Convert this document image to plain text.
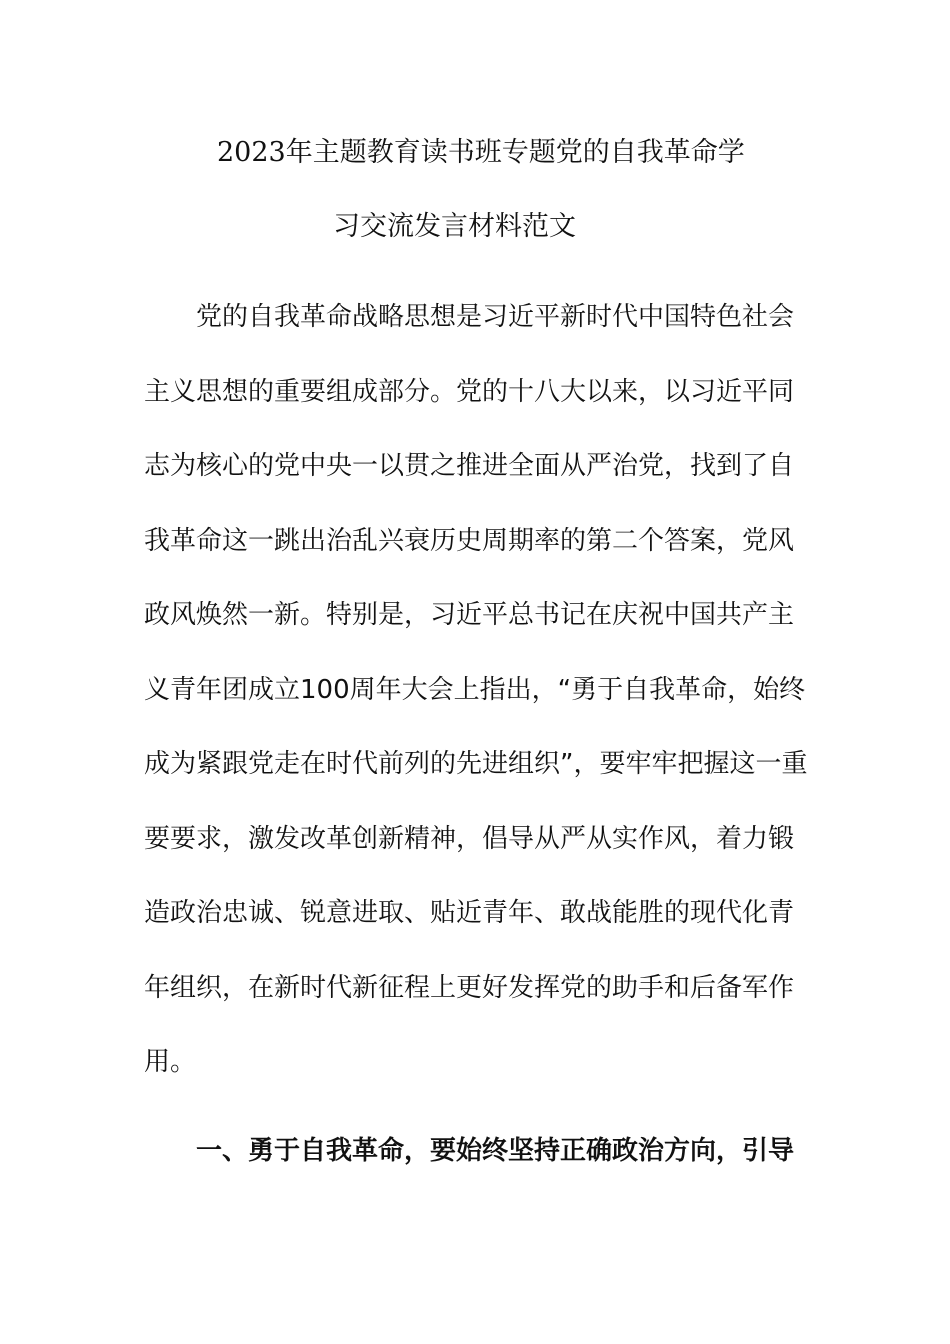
2023年主题教育读书班专题党的自我革命学
习交流发言材料范文
党的自我革命战略思想是习近平新时代中国特色社会
主义思想的重要组成部分。党的十八大以来，以习近平同
志为核心的党中央一以贯之推进全面从严治党，找到了自
我革命这一跳出治乱兴衰历史周期率的第二个答案，党风
政风焕然一新。特别是，习近平总书记在庆祝中国共产主
义青年团成立100周年大会上指出，“勇于自我革命，始终
成为紧跟党走在时代前列的先进组织”，要牢牢把握这一重
要要求，激发改革创新精神，倡导从严从实作风，着力锻
造政治忠诚、锐意进取、贴近青年、敢战能胜的现代化青
年组织，在新时代新征程上更好发挥党的助手和后备军作
用。
一、勇于自我革命，要始终坚持正确政治方向，引导
